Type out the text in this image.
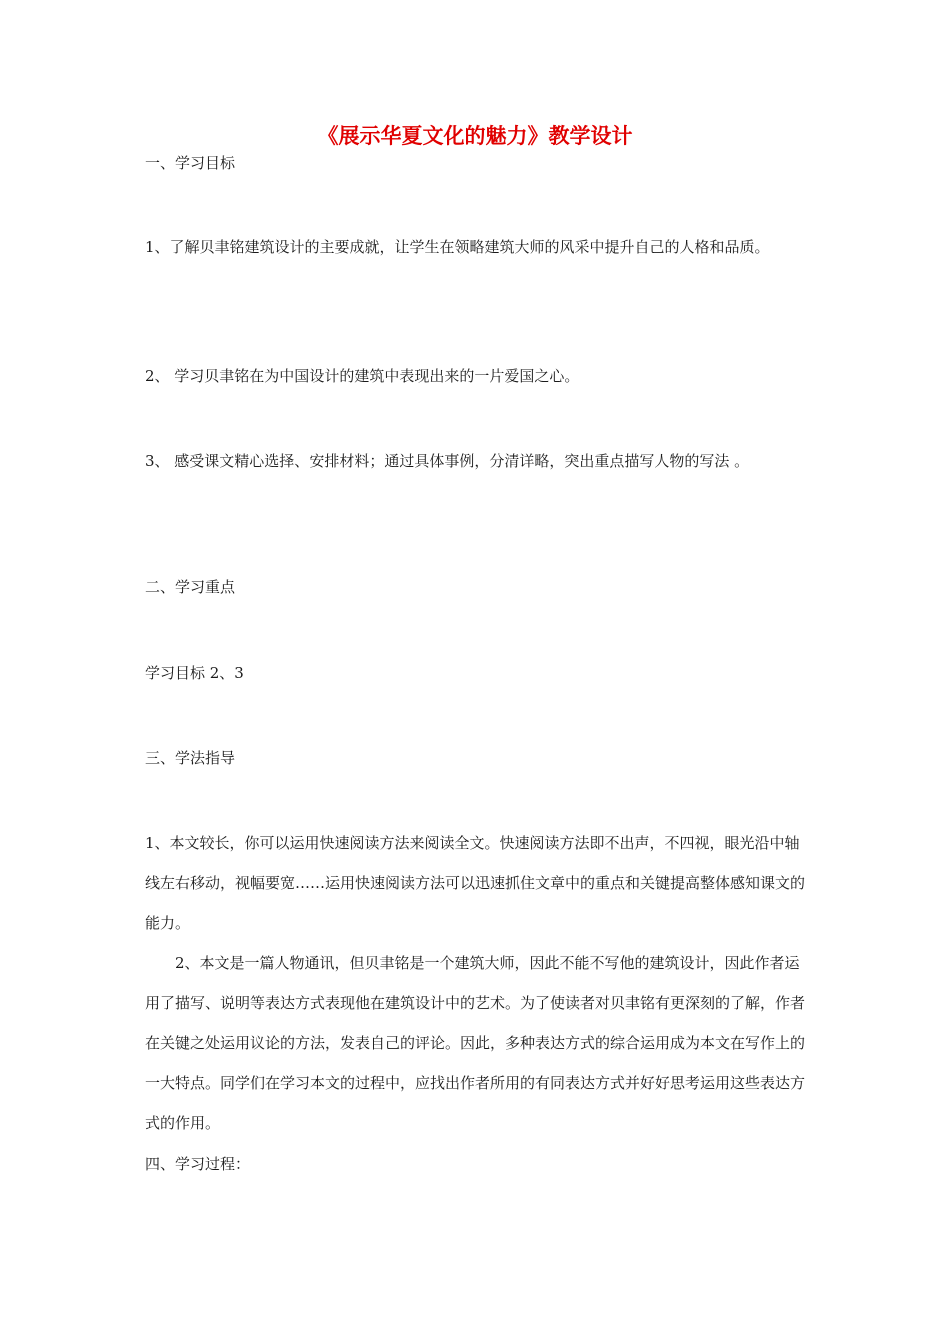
《展示华夏文化的魅力》教学设计
一、学习目标
1、了解贝聿铭建筑设计的主要成就，让学生在领略建筑大师的风采中提升自己的人格和品质。
2、 学习贝聿铭在为中国设计的建筑中表现出来的一片爱国之心。
3、 感受课文精心选择、安排材料；通过具体事例，分清详略，突出重点描写人物的写法 。
二、学习重点
学习目标 2、3
三、学法指导
1、本文较长，你可以运用快速阅读方法来阅读全文。快速阅读方法即不出声，不四视，眼光沿中轴线左右移动，视幅要宽……运用快速阅读方法可以迅速抓住文章中的重点和关键提高整体感知课文的能力。
2、本文是一篇人物通讯，但贝聿铭是一个建筑大师，因此不能不写他的建筑设计，因此作者运用了描写、说明等表达方式表现他在建筑设计中的艺术。为了使读者对贝聿铭有更深刻的了解，作者在关键之处运用议论的方法，发表自己的评论。因此，多种表达方式的综合运用成为本文在写作上的一大特点。同学们在学习本文的过程中，应找出作者所用的有同表达方式并好好思考运用这些表达方式的作用。
四、学习过程：
